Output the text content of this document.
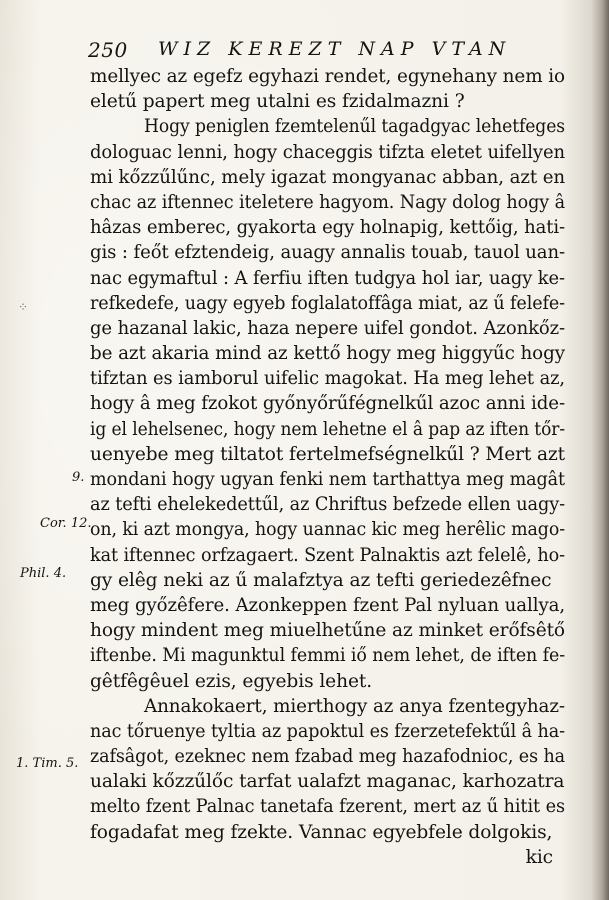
250 WIZ KEREZT NAP VTAN
9.
Cor. 12.
Phil. 4.
1. Tim. 5.
⁘
mellyec az egefz egyhazi rendet, egynehany nem io
eletű papert meg utalni es fzidalmazni ?
Hogy peniglen fzemtelenűl tagadgyac lehetfeges
dologuac lenni, hogy chaceggis tifzta eletet uifellyen
mi kőzzűlűnc, mely igazat mongyanac abban, azt en
chac az iftennec iteletere hagyom. Nagy dolog hogy â
hâzas emberec, gyakorta egy holnapig, kettőig, hati-
gis : feőt efztendeig, auagy annalis touab, tauol uan-
nac egymaftul : A ferfiu iften tudgya hol iar, uagy ke-
refkedefe, uagy egyeb foglalatoffâga miat, az ű felefe-
ge hazanal lakic, haza nepere uifel gondot. Azonkőz-
be azt akaria mind az kettő hogy meg higgyűc hogy
tifztan es iamborul uifelic magokat. Ha meg lehet az,
hogy â meg fzokot győnyőrűfégnelkűl azoc anni ide-
ig el lehelsenec, hogy nem lehetne el â pap az iften tőr-
uenyebe meg tiltatot fertelmefségnelkűl ? Mert azt
mondani hogy ugyan fenki nem tarthattya meg magât
az tefti ehelekedettűl, az Chriftus befzede ellen uagy-
on, ki azt mongya, hogy uannac kic meg herêlic mago-
kat iftennec orfzagaert. Szent Palnaktis azt felelê, ho-
gy elêg neki az ű malafztya az tefti geriedezêfnec
meg győzêfere. Azonkeppen fzent Pal nyluan uallya,
hogy mindent meg miuelhetűne az minket erőfsêtő
iftenbe. Mi magunktul femmi iő nem lehet, de iften fe-
gêtfêgêuel ezis, egyebis lehet.
Annakokaert, mierthogy az anya fzentegyhaz-
nac tőruenye tyltia az papoktul es fzerzetefektűl â ha-
zafsâgot, ezeknec nem fzabad meg hazafodnioc, es ha
ualaki kőzzűlőc tarfat ualafzt maganac, karhozatra
melto fzent Palnac tanetafa fzerent, mert az ű hitit es
fogadafat meg fzekte. Vannac egyebfele dolgokis,
kic
